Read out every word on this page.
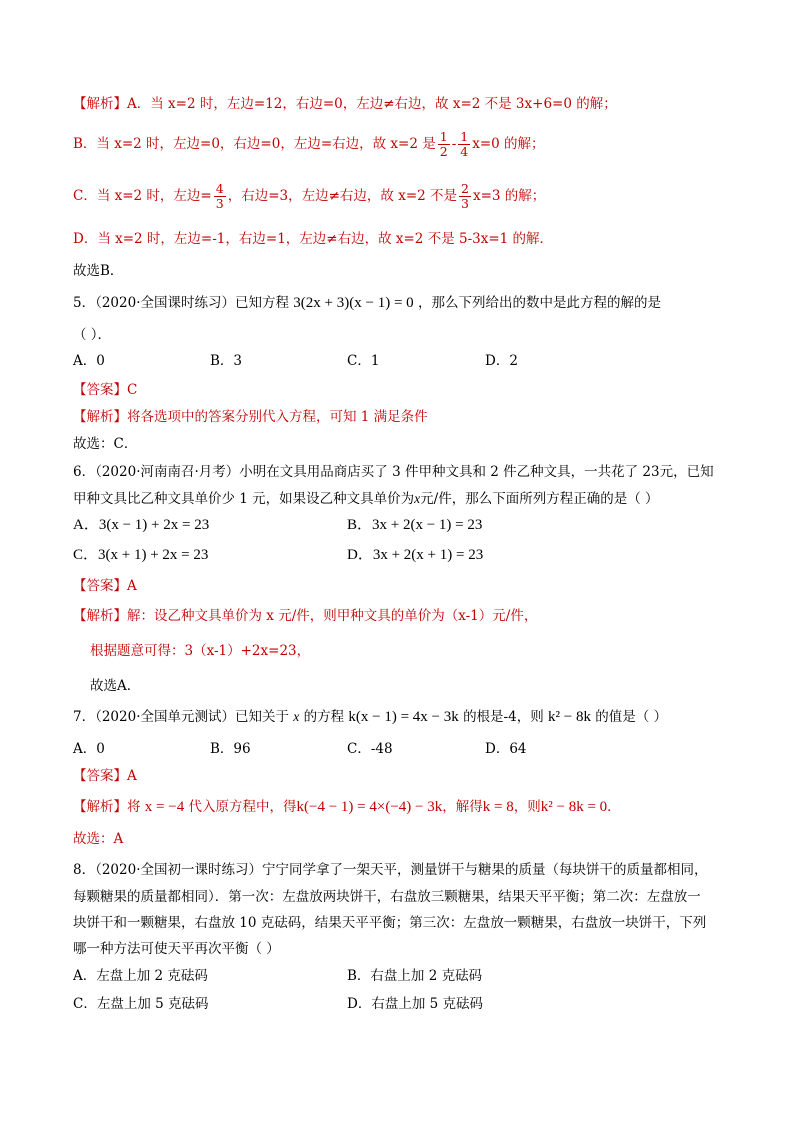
【解析】A．当 x=2 时，左边=12，右边=0，左边≠右边，故 x=2 不是 3x+6=0 的解；
B．当 x=2 时，左边=0，右边=0，左边=右边，故 x=2 是 $\frac{1}{2} - \frac{1}{4} x=0$ 的解；
C．当 x=2 时，左边= $\frac{4}{3}$ ，右边=3，左边≠右边，故 x=2 不是 $\frac{2}{3} x=3$ 的解；
D．当 x=2 时，左边=-1，右边=1，左边≠右边，故 x=2 不是 5-3x=1 的解．
故选B．
5．（2020·全国课时练习）已知方程 3(2x + 3)(x − 1) = 0 ，那么下列给出的数中是此方程的解的是
（ ）．
A．0	B．3	C．1	D．2
【答案】C
【解析】将各选项中的答案分别代入方程，可知 1 满足条件
故选：C．
6．（2020·河南南召·月考）小明在文具用品商店买了 3 件甲种文具和 2 件乙种文具，一共花了 23元，已知
甲种文具比乙种文具单价少 1 元，如果设乙种文具单价为x元/件，那么下面所列方程正确的是（ ）
A．3(x − 1) + 2x = 23	B．3x + 2(x − 1) = 23
C．3(x + 1) + 2x = 23	D．3x + 2(x + 1) = 23
【答案】A
【解析】解：设乙种文具单价为 x 元/件，则甲种文具的单价为（x-1）元/件，
根据题意可得：3（x-1）+2x=23，
故选A．
7．（2020·全国单元测试）已知关于 x 的方程 k(x − 1) = 4x − 3k 的根是-4，则 k² − 8k 的值是（ ）
A．0	B．96	C．-48	D．64
【答案】A
【解析】将 x = −4 代入原方程中，得k(−4 − 1) = 4×(−4) − 3k，解得k = 8，则k² − 8k = 0．
故选：A
8．（2020·全国初一课时练习）宁宁同学拿了一架天平，测量饼干与糖果的质量（每块饼干的质量都相同，
每颗糖果的质量都相同）．第一次：左盘放两块饼干，右盘放三颗糖果，结果天平平衡；第二次：左盘放一
块饼干和一颗糖果，右盘放 10 克砝码，结果天平平衡；第三次：左盘放一颗糖果，右盘放一块饼干，下列
哪一种方法可使天平再次平衡（ ）
A．左盘上加 2 克砝码	B．右盘上加 2 克砝码
C．左盘上加 5 克砝码	D．右盘上加 5 克砝码
